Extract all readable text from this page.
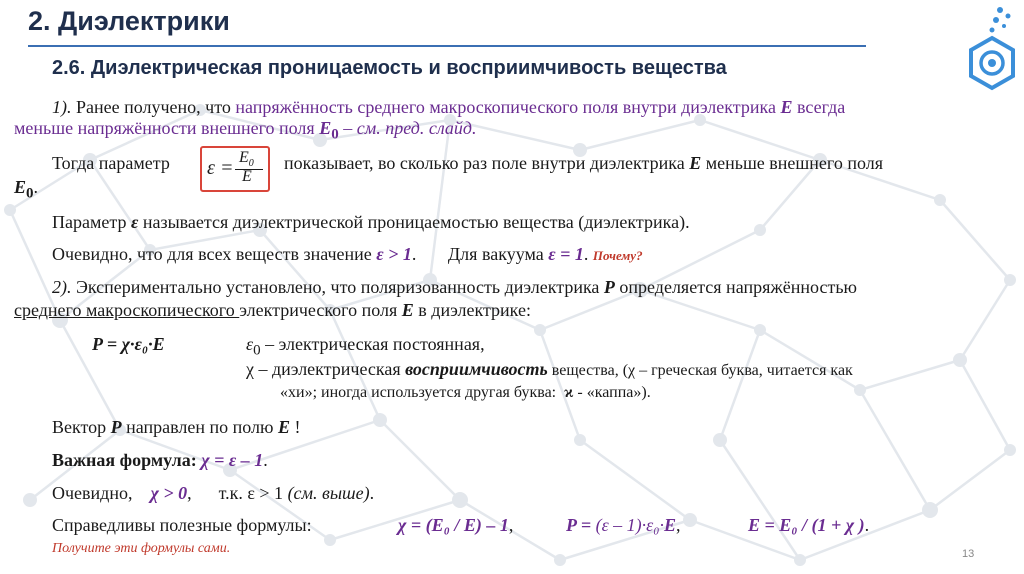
2. Диэлектрики
2.6. Диэлектрическая проницаемость и восприимчивость вещества
1). Ранее получено, что напряжённость среднего макроскопического поля внутри диэлектрика E всегда
меньше напряжённости внешнего поля $E_0$ – см. пред. слайд.
Тогда параметр $\varepsilon = E_0$
E
показывает, во сколько раз поле внутри диэлектрика E меньше внешнего поля
$E_0$.
Параметр ε называется диэлектрической проницаемостью вещества (диэлектрика).
Очевидно, что для всех веществ значение ε > 1.       Для вакуума ε = 1. Почему?
2). Экспериментально установлено, что поляризованность диэлектрика P определяется напряжённостью
среднего макроскопического электрического поля E в диэлектрике:
P = χ·ε₀·E	$\varepsilon_0$ – электрическая постоянная,
χ – диэлектрическая восприимчивость вещества, (χ – греческая буква, читается как
«хи»; иногда используется другая буква:  ϰ - «каппа»).
Вектор P направлен по полю E !
Важная формула: χ = ε – 1.
Очевидно,    χ > 0,      т.к. ε > 1 (см. выше).
Справедливы полезные формулы:	χ = (E₀ / E) – 1,	P = (ε – 1)·ε₀·E,	E = E₀ / (1 + χ ).
Получите эти формулы сами.	13
